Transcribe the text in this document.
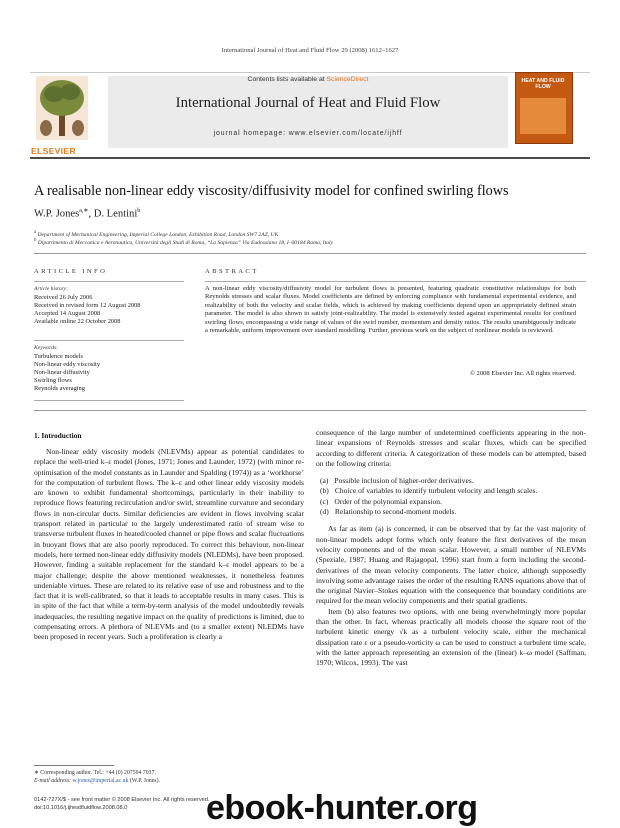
International Journal of Heat and Fluid Flow 29 (2008) 1612–1627
ELSEVIER
Contents lists available at ScienceDirect
International Journal of Heat and Fluid Flow
journal homepage: www.elsevier.com/locate/ijhff
HEAT AND FLUID FLOW
A realisable non-linear eddy viscosity/diffusivity model for confined swirling flows
W.P. Jones$^{a,∗}$, D. Lentini$^b$
$^a$ Department of Mechanical Engineering, Imperial College London, Exhibition Road, London SW7 2AZ, UK
$^b$ Dipartimento di Meccanica e Aeronautica, Università degli Studi di Roma, “La Sapienza” Via Eudossiana 18, I–00184 Roma, Italy
ARTICLE INFO	ABSTRACT
Article history:
Received 26 July 2006
Received in revised form 12 August 2008
Accepted 14 August 2008
Available online 22 October 2008
Keywords:
Turbulence models
Non-linear eddy viscosity
Non-linear diffusivity
Swirling flows
Reynolds averaging
A non-linear eddy viscosity/diffusivity model for turbulent flows is presented, featuring quadratic constitutive relationships for both Reynolds stresses and scalar fluxes. Model coefficients are defined by enforcing compliance with fundamental experimental evidence, and realizability of both the velocity and scalar fields, which is achieved by making coefficients depend upon an appropriately defined strain parameter. The model is also shown to satisfy joint-realizability. The model is extensively tested against experimental results for confined swirling flows, encompassing a wide range of values of the swirl number, momentum and density ratios. The results unambiguously indicate a remarkable, uniform improvement over standard modelling. Further, previous work on the subject of nonlinear models is reviewed.
© 2008 Elsevier Inc. All rights reserved.
1. Introduction

Non-linear eddy viscosity models (NLEVMs) appear as potential candidates to replace the well-tried k–ε model (Jones, 1971; Jones and Launder, 1972) (with minor re-optimisation of the model constants as in Launder and Spalding (1974)) as a ‘workhorse’ for the computation of turbulent flows. The k–ε and other linear eddy viscosity models are known to exhibit fundamental shortcomings, particularly in their inability to reproduce flows featuring recirculation and/or swirl, streamline curvature and secondary flows in non-circular ducts. Similar deficiencies are evident in flows involving scalar transport related in particular to the largely underestimated ratio of stream wise to transverse turbulent fluxes in heated/cooled channel or pipe flows and scalar fluctuations in buoyant flows that are also poorly reproduced. To correct this behaviour, non-linear models, here termed non-linear eddy diffusivity models (NLEDMs), have been proposed. However, finding a suitable replacement for the standard k–ε model appears to be a major challenge; despite the above mentioned weaknesses, it nonetheless features undeniable virtues. These are related to its relative ease of use and robustness and to the fact that it is well-calibrated, so that it leads to acceptable results in many cases. This is in spite of the fact that while a term-by-term analysis of the model undoubtedly reveals inadequacies, the resulting negative impact on the quality of predictions is limited, due to compensating errors. A plethora of NLEVMs and (to a smaller extent) NLEDMs have been proposed in recent years. Such a proliferation is clearly a

consequence of the large number of undetermined coefficients appearing in the non-linear expansions of Reynolds stresses and scalar fluxes, which can be specified according to different criteria. A categorization of these models can be attempted, based on the following criteria:

(a) Possible inclusion of higher-order derivatives.
(b) Choice of variables to identify turbulent velocity and length scales.
(c) Order of the polynomial expansion.
(d) Relationship to second-moment models.

As far as item (a) is concerned, it can be observed that by far the vast majority of non-linear models adopt forms which only feature the first derivatives of the mean velocity components and of the mean scalar. However, a small number of NLEVMs (Speziale, 1987; Huang and Rajagopal, 1996) start from a form including the second-derivatives of the mean velocity components. The latter choice, although supposedly involving some advantage raises the order of the resulting RANS equations above that of the original Navier–Stokes equation with the consequence that boundary conditions are required for the mean velocity components and their spatial gradients.

Item (b) also features two options, with one being overwhelmingly more popular than the other. In fact, whereas practically all models choose the square root of the turbulent kinetic energy √k as a turbulent velocity scale, either the mechanical dissipation rate ε or a pseudo-vorticity ω can be used to construct a turbulent time scale, with the latter approach representing an extension of the (linear) k–ω model (Saffman, 1970; Wilcox, 1993). The vast

∗ Corresponding author. Tel.: +44 (0) 207594 7037.
E-mail address: w.jones@imperial.ac.uk (W.P. Jones).
0142-727X/$ - see front matter © 2008 Elsevier Inc. All rights reserved.
doi:10.1016/j.ijheatfluidflow.2008.08.0 ebook-hunter.org
